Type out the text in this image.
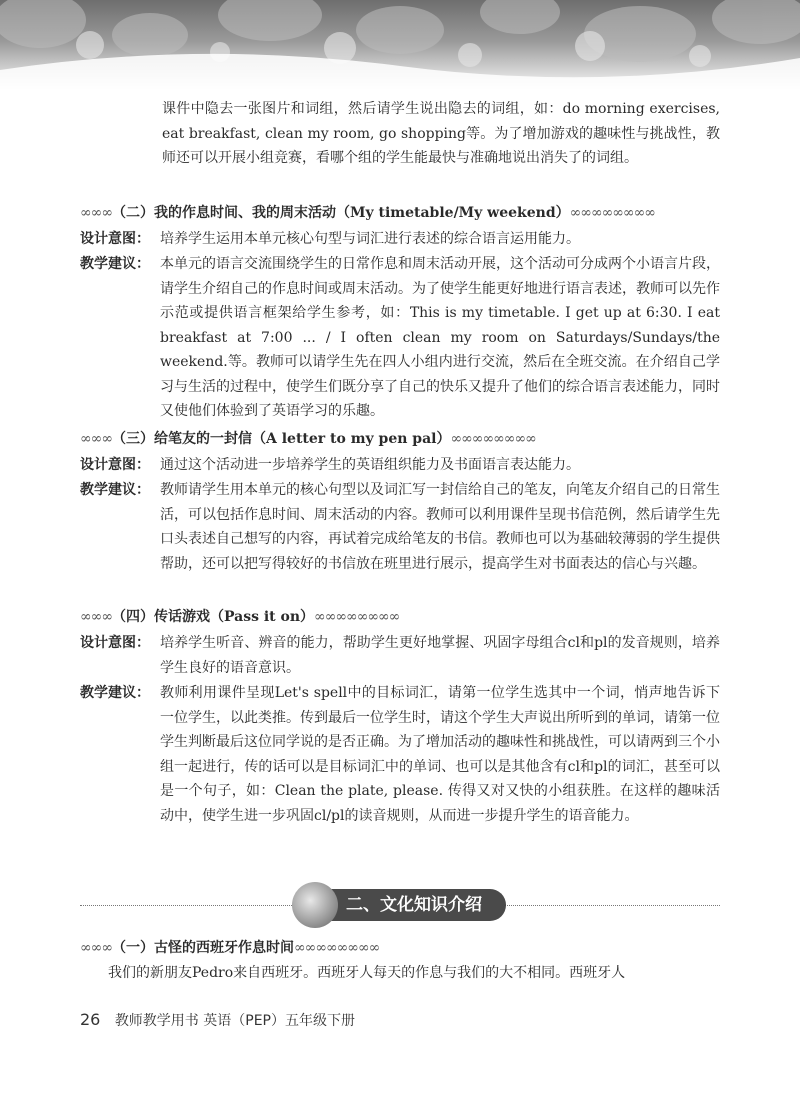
课件中隐去一张图片和词组，然后请学生说出隐去的词组，如：do morning exercises, eat breakfast, clean my room, go shopping等。为了增加游戏的趣味性与挑战性，教师还可以开展小组竞赛，看哪个组的学生能最快与准确地说出消失了的词组。
∞∞∞（二）我的作息时间、我的周末活动（My timetable/My weekend）∞∞∞∞∞∞∞∞
设计意图： 培养学生运用本单元核心句型与词汇进行表述的综合语言运用能力。
教学建议： 本单元的语言交流围绕学生的日常作息和周末活动开展，这个活动可分成两个小语言片段，请学生介绍自己的作息时间或周末活动。为了使学生能更好地进行语言表述，教师可以先作示范或提供语言框架给学生参考，如：This is my timetable. I get up at 6:30. I eat breakfast at 7:00 ... / I often clean my room on Saturdays/Sundays/the weekend.等。教师可以请学生先在四人小组内进行交流，然后在全班交流。在介绍自己学习与生活的过程中，使学生们既分享了自己的快乐又提升了他们的综合语言表述能力，同时又使他们体验到了英语学习的乐趣。
∞∞∞（三）给笔友的一封信（A letter to my pen pal）∞∞∞∞∞∞∞∞
设计意图： 通过这个活动进一步培养学生的英语组织能力及书面语言表达能力。
教学建议： 教师请学生用本单元的核心句型以及词汇写一封信给自己的笔友，向笔友介绍自己的日常生活，可以包括作息时间、周末活动的内容。教师可以利用课件呈现书信范例，然后请学生先口头表述自己想写的内容，再试着完成给笔友的书信。教师也可以为基础较薄弱的学生提供帮助，还可以把写得较好的书信放在班里进行展示，提高学生对书面表达的信心与兴趣。
∞∞∞（四）传话游戏（Pass it on）∞∞∞∞∞∞∞∞
设计意图： 培养学生听音、辨音的能力，帮助学生更好地掌握、巩固字母组合cl和pl的发音规则，培养学生良好的语音意识。
教学建议： 教师利用课件呈现Let's spell中的目标词汇，请第一位学生选其中一个词，悄声地告诉下一位学生，以此类推。传到最后一位学生时，请这个学生大声说出所听到的单词，请第一位学生判断最后这位同学说的是否正确。为了增加活动的趣味性和挑战性，可以请两到三个小组一起进行，传的话可以是目标词汇中的单词、也可以是其他含有cl和pl的词汇，甚至可以是一个句子，如：Clean the plate, please. 传得又对又快的小组获胜。在这样的趣味活动中，使学生进一步巩固cl/pl的读音规则，从而进一步提升学生的语音能力。
二、文化知识介绍
∞∞∞（一）古怪的西班牙作息时间∞∞∞∞∞∞∞∞
我们的新朋友Pedro来自西班牙。西班牙人每天的作息与我们的大不相同。西班牙人
26 教师教学用书 英语（PEP）五年级下册
